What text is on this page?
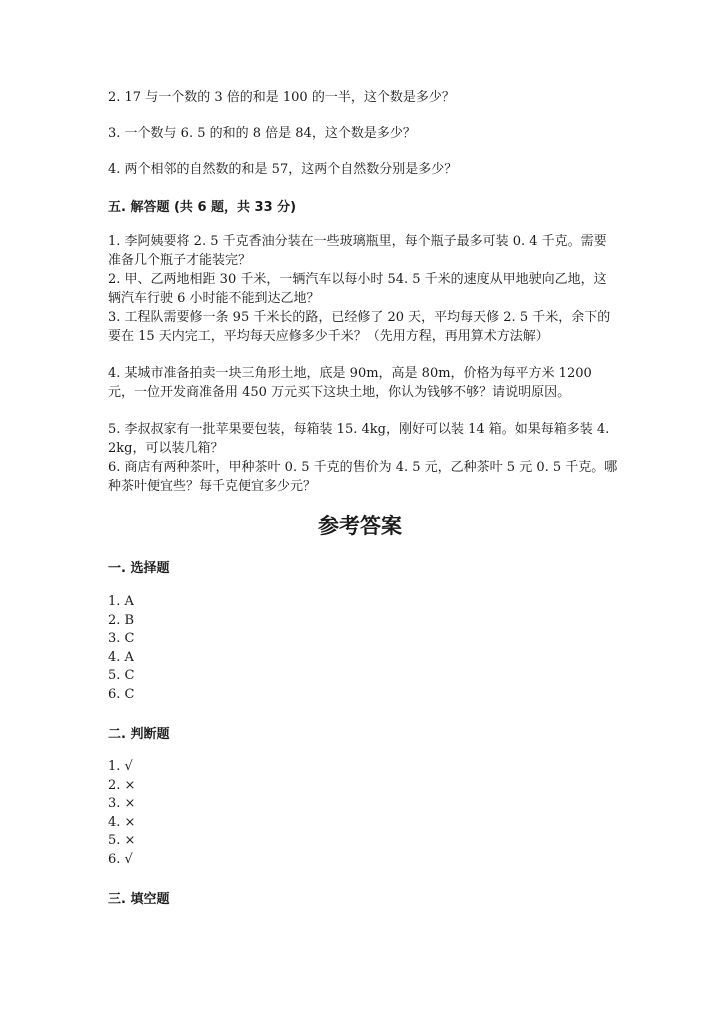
2. 17 与一个数的 3 倍的和是 100 的一半，这个数是多少？
3. 一个数与 6. 5 的和的 8 倍是 84，这个数是多少？
4. 两个相邻的自然数的和是 57，这两个自然数分别是多少？
五. 解答题 (共 6 题，共 33 分)
1. 李阿姨要将 2. 5 千克香油分装在一些玻璃瓶里，每个瓶子最多可装 0. 4 千克。需要准备几个瓶子才能装完？
2. 甲、乙两地相距 30 千米，一辆汽车以每小时 54. 5 千米的速度从甲地驶向乙地，这辆汽车行驶 6 小时能不能到达乙地？
3. 工程队需要修一条 95 千米长的路，已经修了 20 天，平均每天修 2. 5 千米，余下的要在 15 天内完工，平均每天应修多少千米？（先用方程，再用算术方法解）
4. 某城市准备拍卖一块三角形土地，底是 90m，高是 80m，价格为每平方米 1200 元，一位开发商准备用 450 万元买下这块土地，你认为钱够不够？请说明原因。
5. 李叔叔家有一批苹果要包装，每箱装 15. 4kg，刚好可以装 14 箱。如果每箱多装 4. 2kg，可以装几箱？
6. 商店有两种茶叶，甲种茶叶 0. 5 千克的售价为 4. 5 元，乙种茶叶 5 元 0. 5 千克。哪种茶叶便宜些？每千克便宜多少元？
参考答案
一. 选择题
1. A
2. B
3. C
4. A
5. C
6. C
二. 判断题
1. √
2. ×
3. ×
4. ×
5. ×
6. √
三. 填空题
